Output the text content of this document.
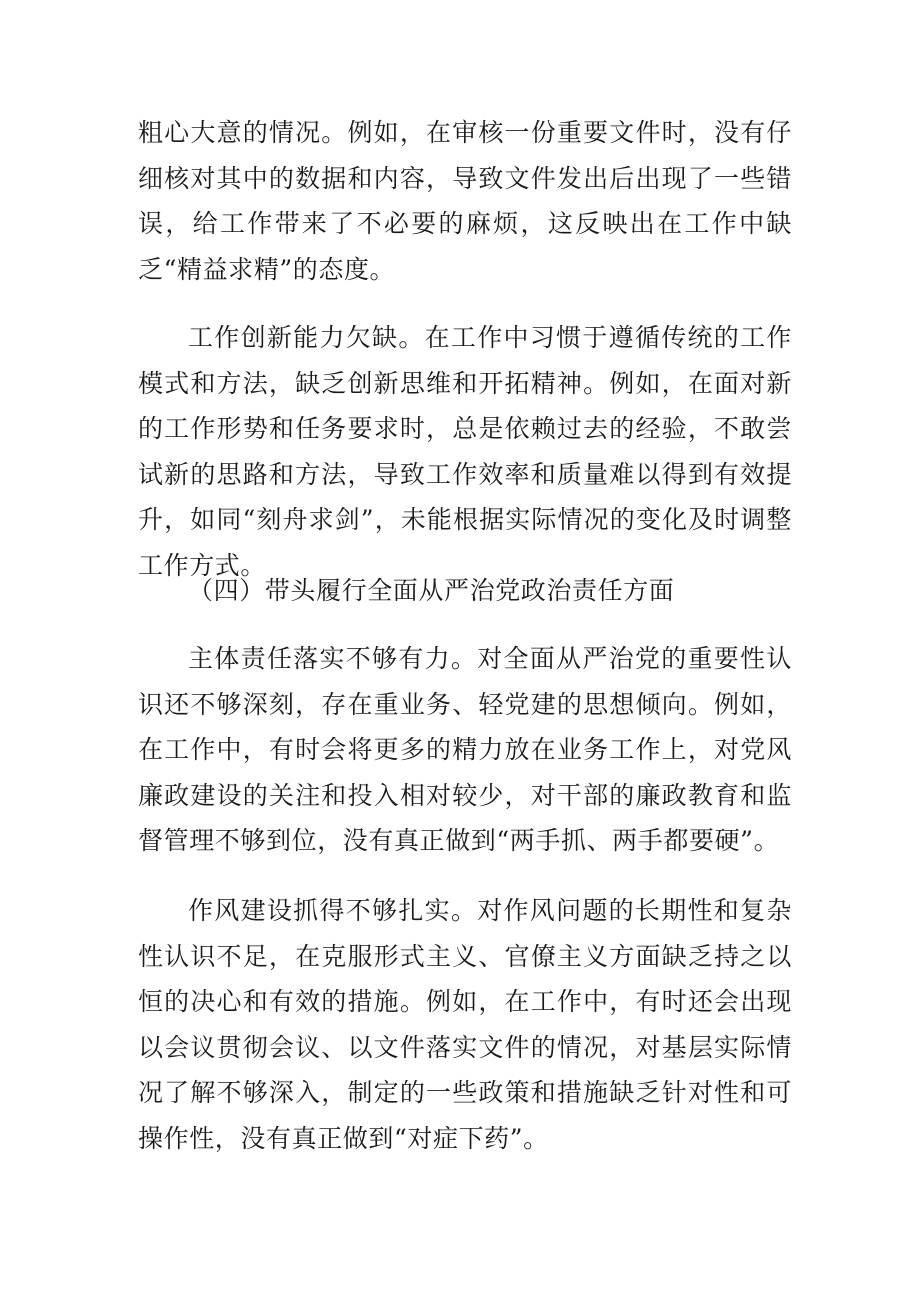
粗心大意的情况。例如，在审核一份重要文件时，没有仔细核对其中的数据和内容，导致文件发出后出现了一些错误，给工作带来了不必要的麻烦，这反映出在工作中缺乏“精益求精”的态度。

工作创新能力欠缺。在工作中习惯于遵循传统的工作模式和方法，缺乏创新思维和开拓精神。例如，在面对新的工作形势和任务要求时，总是依赖过去的经验，不敢尝试新的思路和方法，导致工作效率和质量难以得到有效提升，如同“刻舟求剑”，未能根据实际情况的变化及时调整工作方式。

（四）带头履行全面从严治党政治责任方面

主体责任落实不够有力。对全面从严治党的重要性认识还不够深刻，存在重业务、轻党建的思想倾向。例如，在工作中，有时会将更多的精力放在业务工作上，对党风廉政建设的关注和投入相对较少，对干部的廉政教育和监督管理不够到位，没有真正做到“两手抓、两手都要硬”。

作风建设抓得不够扎实。对作风问题的长期性和复杂性认识不足，在克服形式主义、官僚主义方面缺乏持之以恒的决心和有效的措施。例如，在工作中，有时还会出现以会议贯彻会议、以文件落实文件的情况，对基层实际情况了解不够深入，制定的一些政策和措施缺乏针对性和可操作性，没有真正做到“对症下药”。
